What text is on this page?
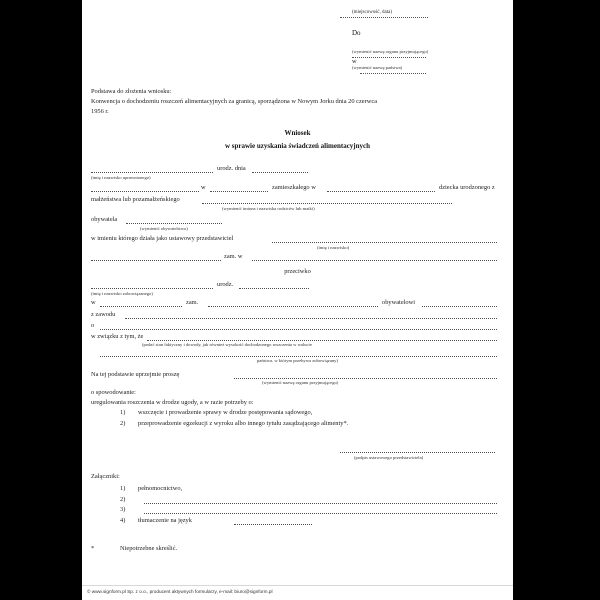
(miejscowość, data)
Do
(wymienić nazwę organu przyjmującego)
w
(wymienić nazwę państwa)
Podstawa do złożenia wniosku:
Konwencja o dochodzeniu roszczeń alimentacyjnych za granicą, sporządzona w Nowym Jorku dnia 20 czerwca
1956 r.
Wniosek
w sprawie uzyskania świadczeń alimentacyjnych
urodz. dnia
(imię i nazwisko uprawnionego)
w	zamieszkałego w	dziecka urodzonego z
małżeństwa lub pozamałżeńskiego
(wymienić imiona i nazwiska rodziców lub matki)
obywatela
(wymienić obywatelstwo)
w imieniu którego działa jako ustawowy przedstawiciel
(imię i nazwisko)
zam. w
przeciwko
urodz.
(imię i nazwisko zobowiązanego)
w	zam.	obywatelowi
z zawodu
o
w związku z tym, że
(podać stan faktyczny i dowody, jak również wysokość dochodzonego roszczenia w walucie
państwa, w którym przebywa zobowiązany)
Na tej podstawie uprzejmie proszę
(wymienić nazwę organu przyjmującego)
o spowodowanie:
uregulowania roszczenia w drodze ugody, a w razie potrzeby o:
1) wszczęcie i prowadzenie sprawy w drodze postępowania sądowego,
2) przeprowadzenie egzekucji z wyroku albo innego tytułu zasądzającego alimenty*.
(podpis ustawowego przedstawiciela)
Załączniki:
1) pełnomocnictwo,
2)
3)
4) tłumaczenie na język
*	Niepotrzebne skreślić.
© www.signform.pl Sp. z o.o., producent aktywnych formularzy, e-mail: biuro@signform.pl
